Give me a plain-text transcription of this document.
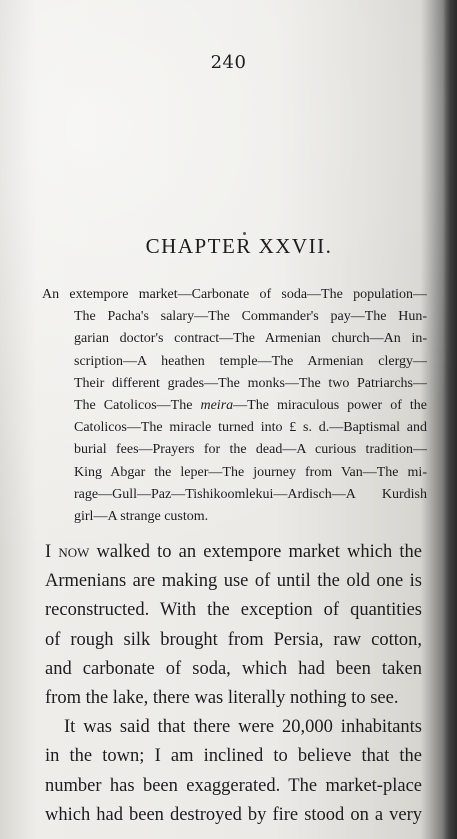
240
CHAPTER XXVII.
An extempore market—Carbonate of soda—The population—
The Pacha's salary—The Commander's pay—The Hun-
garian doctor's contract—The Armenian church—An in-
scription—A heathen temple—The Armenian clergy—
Their different grades—The monks—The two Patriarchs—
The Catolicos—The meira—The miraculous power of the
Catolicos—The miracle turned into £ s. d.—Baptismal and
burial fees—Prayers for the dead—A curious tradition—
King Abgar the leper—The journey from Van—The mi-
rage—Gull—Paz—Tishikoomlekui—Ardisch—A Kurdish
girl—A strange custom.
I now walked to an extempore market which the
Armenians are making use of until the old one is
reconstructed. With the exception of quantities
of rough silk brought from Persia, raw cotton,
and carbonate of soda, which had been taken
from the lake, there was literally nothing to see.
It was said that there were 20,000 inhabitants
in the town; I am inclined to believe that the
number has been exaggerated. The market-place
which had been destroyed by fire stood on a very
